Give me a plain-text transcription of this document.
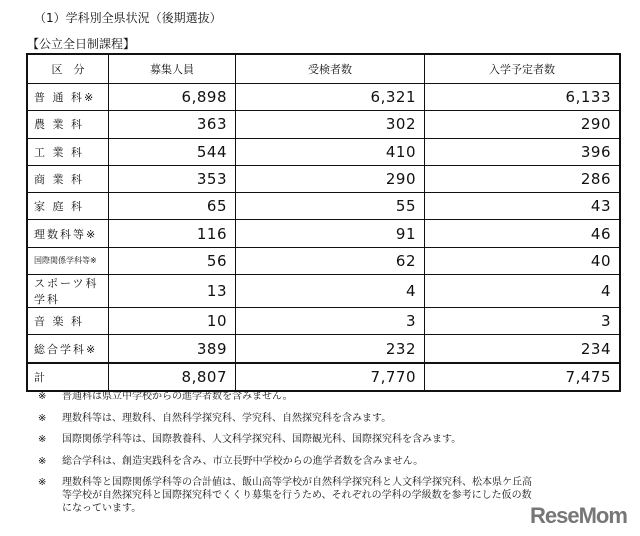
（1）学科別全県状況（後期選抜）
【公立全日制課程】
区　分	募集人員	受検者数	入学予定者数
普 通 科※	6,898	6,321	6,133
農 業 科	363	302	290
工 業 科	544	410	396
商 業 科	353	290	286
家 庭 科	65	55	43
理数科等※	116	91	46
国際関係学科等※	56	62	40
スポーツ科学科	13	4	4
音 楽 科	10	3	3
総合学科※	389	232	234
計	8,807	7,770	7,475
※	普通科は県立中学校からの進学者数を含みません。
※	理数科等は、理数科、自然科学探究科、学究科、自然探究科を含みます。
※	国際関係学科等は、国際教養科、人文科学探究科、国際観光科、国際探究科を含みます。
※	総合学科は、創造実践科を含み、市立長野中学校からの進学者数を含みません。
※	理数科等と国際関係学科等の合計値は、飯山高等学校が自然科学探究科と人文科学探究科、松本県ケ丘高等学校が自然探究科と国際探究科でくくり募集を行うため、それぞれの学科の学級数を参考にした仮の数になっています。	ReseMom
